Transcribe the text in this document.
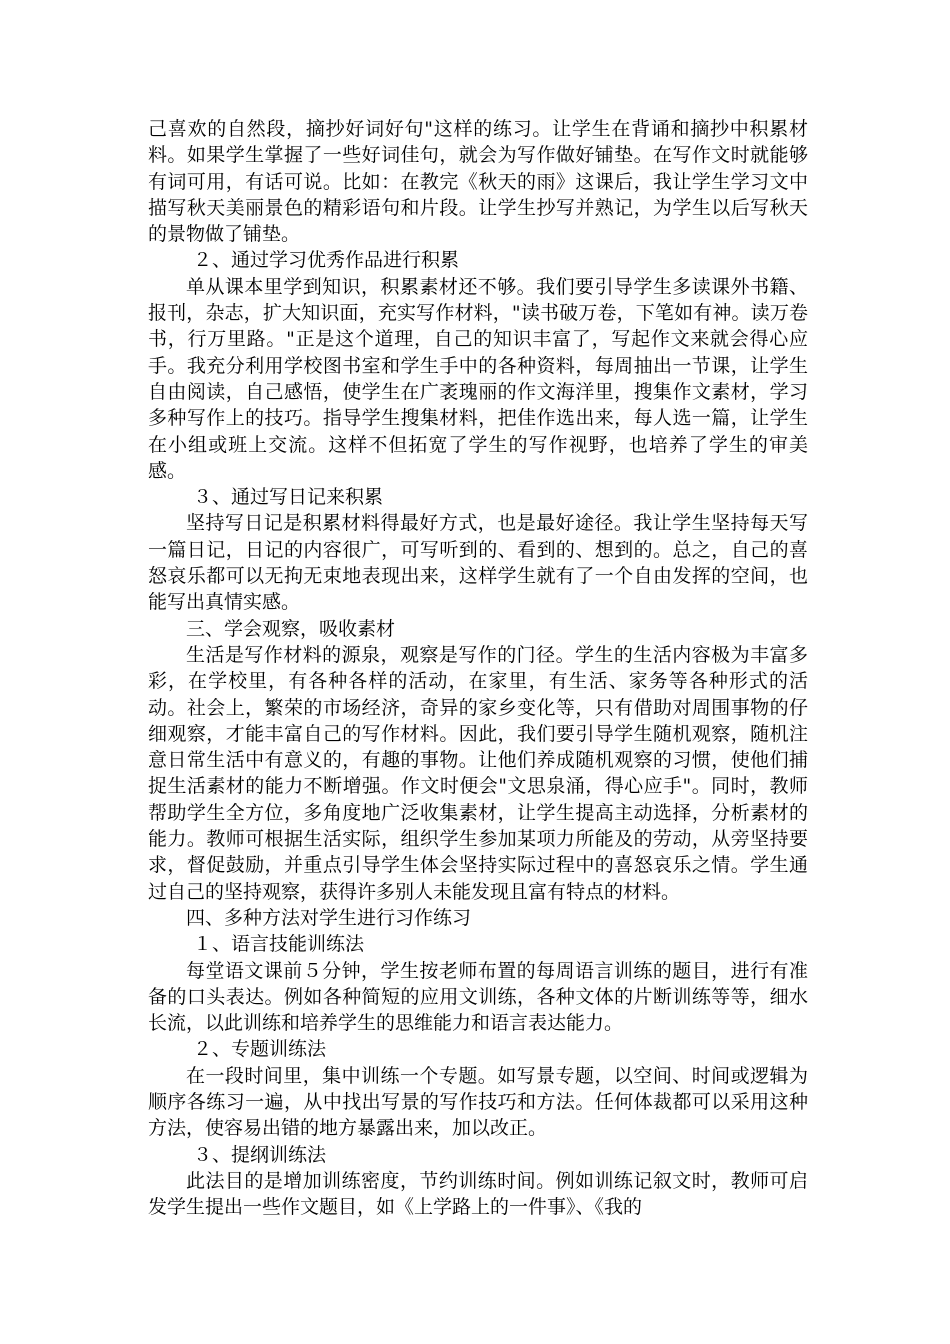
己喜欢的自然段，摘抄好词好句"这样的练习。让学生在背诵和摘抄中积累材料。如果学生掌握了一些好词佳句，就会为写作做好铺垫。在写作文时就能够有词可用，有话可说。比如：在教完《秋天的雨》这课后，我让学生学习文中描写秋天美丽景色的精彩语句和片段。让学生抄写并熟记，为学生以后写秋天的景物做了铺垫。

２、通过学习优秀作品进行积累

单从课本里学到知识，积累素材还不够。我们要引导学生多读课外书籍、报刊，杂志，扩大知识面，充实写作材料，"读书破万卷，下笔如有神。读万卷书，行万里路。"正是这个道理，自己的知识丰富了，写起作文来就会得心应手。我充分利用学校图书室和学生手中的各种资料，每周抽出一节课，让学生自由阅读，自己感悟，使学生在广袤瑰丽的作文海洋里，搜集作文素材，学习多种写作上的技巧。指导学生搜集材料，把佳作选出来，每人选一篇，让学生在小组或班上交流。这样不但拓宽了学生的写作视野，也培养了学生的审美感。

３、通过写日记来积累

坚持写日记是积累材料得最好方式，也是最好途径。我让学生坚持每天写一篇日记，日记的内容很广，可写听到的、看到的、想到的。总之，自己的喜怒哀乐都可以无拘无束地表现出来，这样学生就有了一个自由发挥的空间，也能写出真情实感。

三、学会观察，吸收素材

生活是写作材料的源泉，观察是写作的门径。学生的生活内容极为丰富多彩，在学校里，有各种各样的活动，在家里，有生活、家务等各种形式的活动。社会上，繁荣的市场经济，奇异的家乡变化等，只有借助对周围事物的仔细观察，才能丰富自己的写作材料。因此，我们要引导学生随机观察，随机注意日常生活中有意义的，有趣的事物。让他们养成随机观察的习惯，使他们捕捉生活素材的能力不断增强。作文时便会"文思泉涌，得心应手"。同时，教师帮助学生全方位，多角度地广泛收集素材，让学生提高主动选择，分析素材的能力。教师可根据生活实际，组织学生参加某项力所能及的劳动，从旁坚持要求，督促鼓励，并重点引导学生体会坚持实际过程中的喜怒哀乐之情。学生通过自己的坚持观察，获得许多别人未能发现且富有特点的材料。

四、多种方法对学生进行习作练习

１、语言技能训练法

每堂语文课前５分钟，学生按老师布置的每周语言训练的题目，进行有准备的口头表达。例如各种简短的应用文训练，各种文体的片断训练等等，细水长流，以此训练和培养学生的思维能力和语言表达能力。

２、专题训练法

在一段时间里，集中训练一个专题。如写景专题，以空间、时间或逻辑为顺序各练习一遍，从中找出写景的写作技巧和方法。任何体裁都可以采用这种方法，使容易出错的地方暴露出来，加以改正。

３、提纲训练法

此法目的是增加训练密度，节约训练时间。例如训练记叙文时，教师可启发学生提出一些作文题目，如《上学路上的一件事》、《我的
